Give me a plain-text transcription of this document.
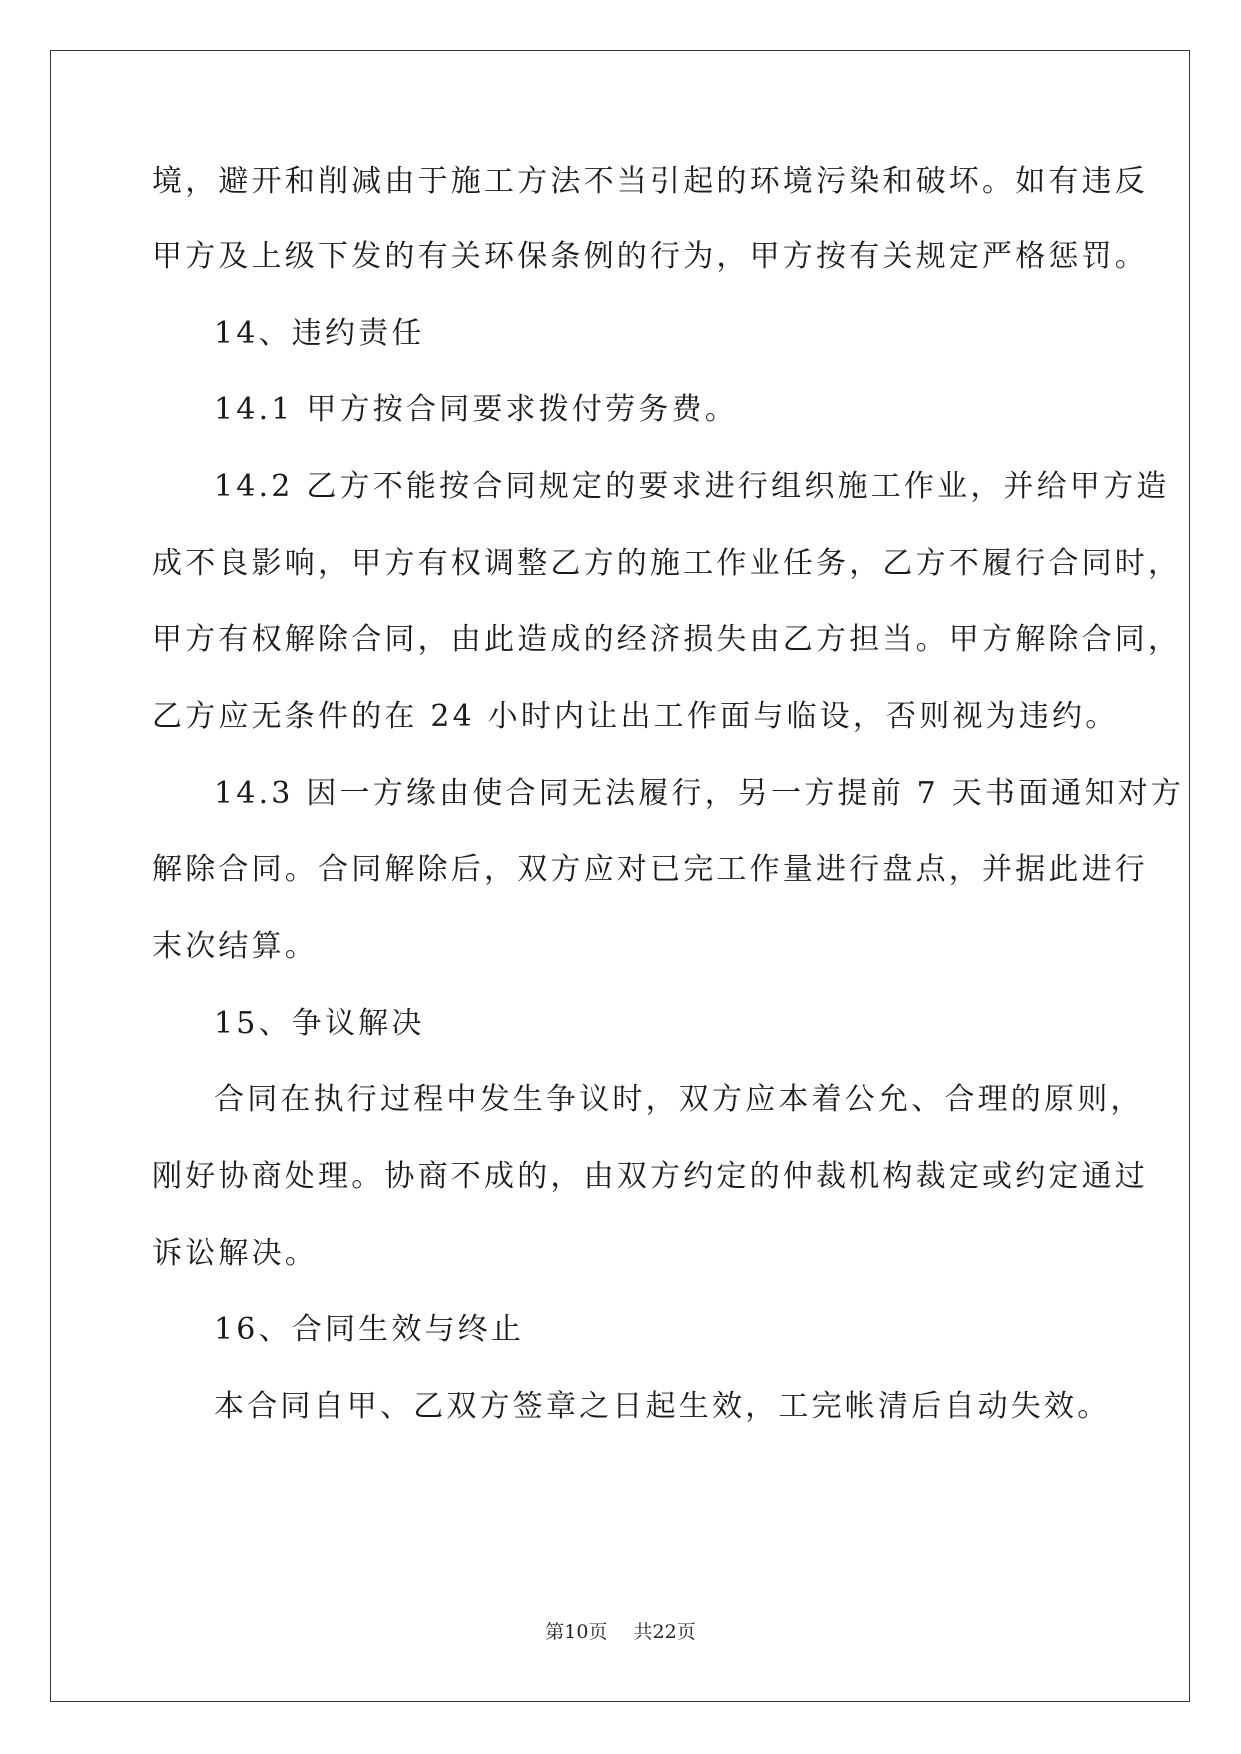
境，避开和削减由于施工方法不当引起的环境污染和破坏。如有违反
甲方及上级下发的有关环保条例的行为，甲方按有关规定严格惩罚。
14、违约责任
14.1 甲方按合同要求拨付劳务费。
14.2 乙方不能按合同规定的要求进行组织施工作业，并给甲方造
成不良影响，甲方有权调整乙方的施工作业任务，乙方不履行合同时，
甲方有权解除合同，由此造成的经济损失由乙方担当。甲方解除合同，
乙方应无条件的在 24 小时内让出工作面与临设，否则视为违约。
14.3 因一方缘由使合同无法履行，另一方提前 7 天书面通知对方
解除合同。合同解除后，双方应对已完工作量进行盘点，并据此进行
末次结算。
15、争议解决
合同在执行过程中发生争议时，双方应本着公允、合理的原则，
刚好协商处理。协商不成的，由双方约定的仲裁机构裁定或约定通过
诉讼解决。
16、合同生效与终止
本合同自甲、乙双方签章之日起生效，工完帐清后自动失效。
第10页 共22页
